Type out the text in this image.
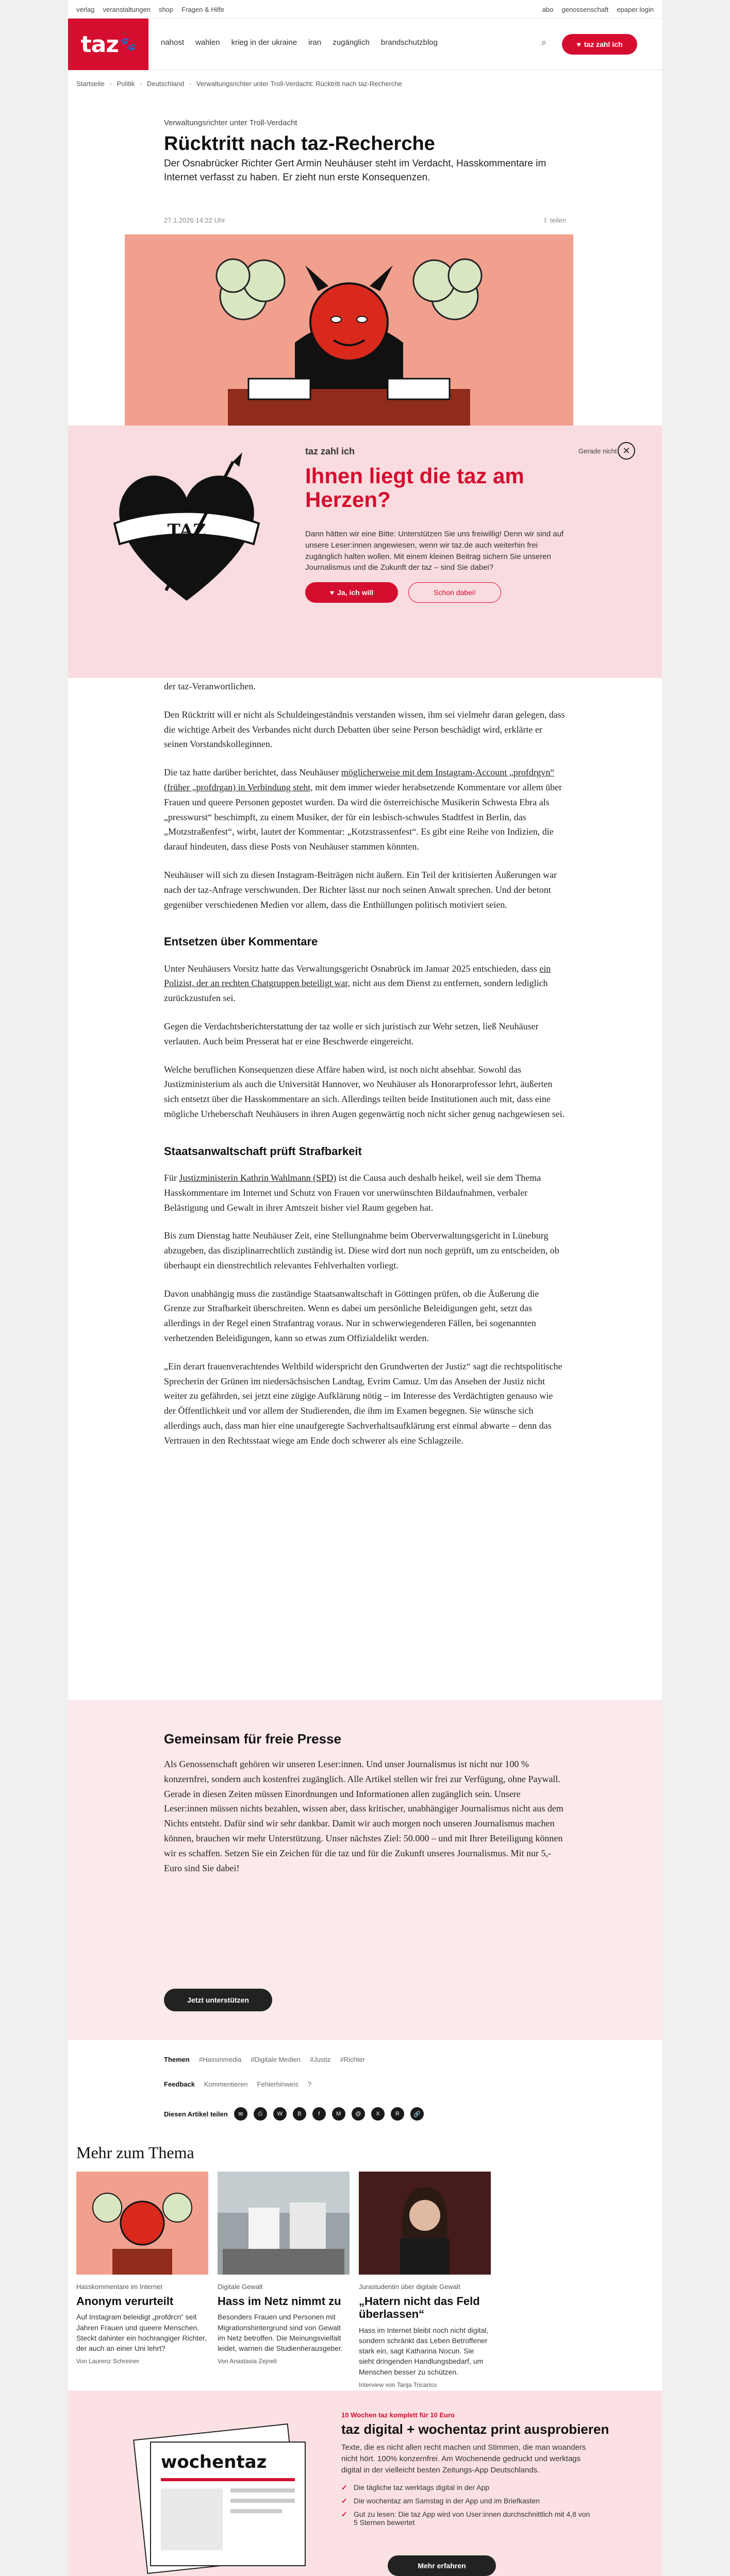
verlag veranstaltungen shop Fragen & Hilfe	abo genossenschaft epaper login
taz 🐾	nahost wahlen krieg in der ukraine iran zugänglich brandschutzblog	⌕	♥ taz zahl ich
Startseite › Politik › Deutschland › Verwaltungsrichter unter Troll-Verdacht: Rücktritt nach taz-Recherche
Verwaltungsrichter unter Troll-Verdacht
Rücktritt nach taz-Recherche
Der Osnabrücker Richter Gert Armin Neuhäuser steht im Verdacht, Hasskommentare im Internet verfasst zu haben. Er zieht nun erste Konsequenzen.
27.1.2026 14:22 Uhr	⇪ teilen
TAZ
taz zahl ich
Ihnen liegt die taz am Herzen?
Dann hätten wir eine Bitte: Unterstützen Sie uns freiwillig! Denn wir sind auf unsere Leser:innen angewiesen, wenn wir taz.de auch weiterhin frei zugänglich halten wollen. Mit einem kleinen Beitrag sichern Sie unseren Journalismus und die Zukunft der taz – sind Sie dabei?
♥ Ja, ich will	Schon dabei!
Gerade nicht ✕

der taz-Veranwortlichen.

Den Rücktritt will er nicht als Schuldeingeständnis verstanden wissen, ihm sei vielmehr daran gelegen, dass die wichtige Arbeit des Verbandes nicht durch Debatten über seine Person beschädigt wird, erklärte er seinen Vorstandskolleginnen.

Die taz hatte darüber berichtet, dass Neuhäuser möglicherweise mit dem Instagram-Account „profdrgvn“ (früher „profdrgan) in Verbindung steht, mit dem immer wieder herabsetzende Kommentare vor allem über Frauen und queere Personen gepostet wurden. Da wird die österreichische Musikerin Schwesta Ebra als „presswurst“ beschimpft, zu einem Musiker, der für ein lesbisch-schwules Stadtfest in Berlin, das „Motzstraßenfest“, wirbt, lautet der Kommentar: „Kotzstrassenfest“. Es gibt eine Reihe von Indizien, die darauf hindeuten, dass diese Posts von Neuhäuser stammen könnten.

Neuhäuser will sich zu diesen Instagram-Beiträgen nicht äußern. Ein Teil der kritisierten Äußerungen war nach der taz-Anfrage verschwunden. Der Richter lässt nur noch seinen Anwalt sprechen. Und der betont gegenüber verschiedenen Medien vor allem, dass die Enthüllungen politisch motiviert seien.

Entsetzen über Kommentare

Unter Neuhäusers Vorsitz hatte das Verwaltungsgericht Osnabrück im Januar 2025 entschieden, dass ein Polizist, der an rechten Chatgruppen beteiligt war, nicht aus dem Dienst zu entfernen, sondern lediglich zurückzustufen sei.

Gegen die Verdachtsberichterstattung der taz wolle er sich juristisch zur Wehr setzen, ließ Neuhäuser verlauten. Auch beim Presserat hat er eine Beschwerde eingereicht.

Welche beruflichen Konsequenzen diese Affäre haben wird, ist noch nicht absehbar. Sowohl das Justizministerium als auch die Universität Hannover, wo Neuhäuser als Honorarprofessor lehrt, äußerten sich entsetzt über die Hasskommentare an sich. Allerdings teilten beide Institutionen auch mit, dass eine mögliche Urheberschaft Neuhäusers in ihren Augen gegenwärtig noch nicht sicher genug nachgewiesen sei.

Staatsanwaltschaft prüft Strafbarkeit

Für Justizministerin Kathrin Wahlmann (SPD) ist die Causa auch deshalb heikel, weil sie dem Thema Hasskommentare im Internet und Schutz von Frauen vor unerwünschten Bildaufnahmen, verbaler Belästigung und Gewalt in ihrer Amtszeit bisher viel Raum gegeben hat.

Bis zum Dienstag hatte Neuhäuser Zeit, eine Stellungnahme beim Oberverwaltungsgericht in Lüneburg abzugeben, das disziplinarrechtlich zuständig ist. Diese wird dort nun noch geprüft, um zu entscheiden, ob überhaupt ein dienstrechtlich relevantes Fehlverhalten vorliegt.

Davon unabhängig muss die zuständige Staatsanwaltschaft in Göttingen prüfen, ob die Äußerung die Grenze zur Strafbarkeit überschreiten. Wenn es dabei um persönliche Beleidigungen geht, setzt das allerdings in der Regel einen Strafantrag voraus. Nur in schwerwiegenderen Fällen, bei sogenannten verhetzenden Beleidigungen, kann so etwas zum Offizialdelikt werden.

„Ein derart frauenverachtendes Weltbild widerspricht den Grundwerten der Justiz“ sagt die rechtspolitische Sprecherin der Grünen im niedersächsischen Landtag, Evrim Camuz. Um das Ansehen der Justiz nicht weiter zu gefährden, sei jetzt eine zügige Aufklärung nötig – im Interesse des Verdächtigten genauso wie der Öffentlichkeit und vor allem der Studierenden, die ihm im Examen begegnen. Sie wünsche sich allerdings auch, dass man hier eine unaufgeregte Sachverhaltsaufklärung erst einmal abwarte – denn das Vertrauen in den Rechtsstaat wiege am Ende doch schwerer als eine Schlagzeile.

Gemeinsam für freie Presse
Als Genossenschaft gehören wir unseren Leser:innen. Und unser Journalismus ist nicht nur 100 % konzernfrei, sondern auch kostenfrei zugänglich. Alle Artikel stellen wir frei zur Verfügung, ohne Paywall. Gerade in diesen Zeiten müssen Einordnungen und Informationen allen zugänglich sein. Unsere Leser:innen müssen nichts bezahlen, wissen aber, dass kritischer, unabhängiger Journalismus nicht aus dem Nichts entsteht. Dafür sind wir sehr dankbar. Damit wir auch morgen noch unseren Journalismus machen können, brauchen wir mehr Unterstützung. Unser nächstes Ziel: 50.000 – und mit Ihrer Beteiligung können wir es schaffen. Setzen Sie ein Zeichen für die taz und für die Zukunft unseres Journalismus. Mit nur 5,- Euro sind Sie dabei!
Jetzt unterstützen
Themen #Hassinmedia #Digitale Medien #Justiz #Richter
Feedback Kommentieren Fehlerhinweis ?
Diesen Artikel teilen	✉	⎙	W	B	f	M	@	X	R	🔗
Mehr zum Thema
Hasskommentare im Internet
Anonym verurteilt
Auf Instagram beleidigt „profdrcn“ seit Jahren Frauen und queere Menschen. Steckt dahinter ein hochrangiger Richter, der auch an einer Uni lehrt?
Von Laurenz Schreiner
Digitale Gewalt
Hass im Netz nimmt zu
Besonders Frauen und Personen mit Migrationshintergrund sind von Gewalt im Netz betroffen. Die Meinungsvielfalt leidet, warnen die Studienherausgeber.
Von Anastasia Zejneli
Jurastudentin über digitale Gewalt
„Hatern nicht das Feld überlassen“
Hass im Internet bleibt noch nicht digital, sondern schränkt das Leben Betroffener stark ein, sagt Katharina Nocun. Sie sieht dringenden Handlungsbedarf, um Menschen besser zu schützen.
Interview von Tanja Tricarico
wochentaz
10 Wochen taz komplett für 10 Euro
taz digital + wochentaz print ausprobieren
Texte, die es nicht allen recht machen und Stimmen, die man woanders nicht hört. 100% konzernfrei. Am Wochenende gedruckt und werktags digital in der vielleicht besten Zeitungs-App Deutschlands.
✓ Die tägliche taz werktags digital in der App
✓ Die wochentaz am Samstag in der App und im Briefkasten
✓ Gut zu lesen: Die taz App wird von User:innen durchschnittlich mit 4,8 von 5 Sternen bewertet
Mehr erfahren
